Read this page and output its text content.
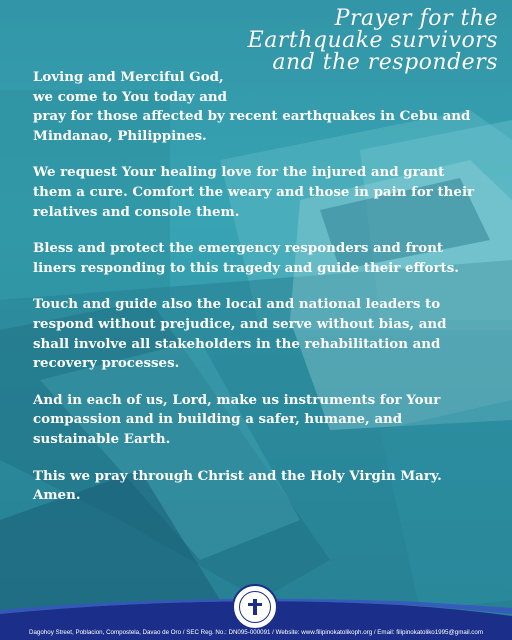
Prayer for the
Earthquake survivors
and the responders

Loving and Merciful God,
we come to You today and
pray for those affected by recent earthquakes in Cebu and Mindanao, Philippines.

We request Your healing love for the injured and grant them a cure. Comfort the weary and those in pain for their relatives and console them.

Bless and protect the emergency responders and front liners responding to this tragedy and guide their efforts.

Touch and guide also the local and national leaders to respond without prejudice, and serve without bias, and shall involve all stakeholders in the rehabilitation and recovery processes.

And in each of us, Lord, make us instruments for Your compassion and in building a safer, humane, and sustainable Earth.

This we pray through Christ and the Holy Virgin Mary. Amen.

Dagohoy Street, Poblacion, Compostela, Davao de Oro / SEC Reg. No.: DN095-000091 / Website: www.filipinokatolikoph.org / Email: filipinokatoliko1995@gmail.com
